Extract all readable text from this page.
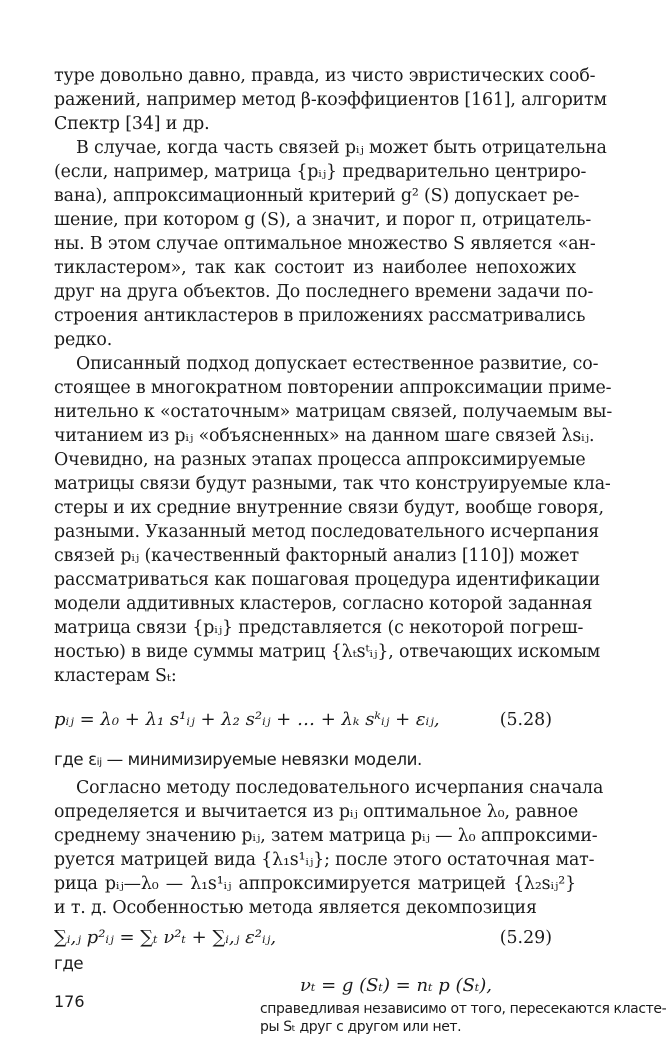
туре довольно давно, правда, из чисто эвристических сооб-
ражений, например метод β-коэффициентов [161], алгоритм
Спектр [34] и др.
В случае, когда часть связей pᵢⱼ может быть отрицательна
(если, например, матрица {pᵢⱼ} предварительно центриро-
вана), аппроксимационный критерий g² (S) допускает ре-
шение, при котором g (S), а значит, и порог π, отрицатель-
ны. В этом случае оптимальное множество S является «ан-
тикластером», так как состоит из наиболее непохожих
друг на друга объектов. До последнего времени задачи по-
строения антикластеров в приложениях рассматривались
редко.
Описанный подход допускает естественное развитие, со-
стоящее в многократном повторении аппроксимации приме-
нительно к «остаточным» матрицам связей, получаемым вы-
читанием из pᵢⱼ «объясненных» на данном шаге связей λsᵢⱼ.
Очевидно, на разных этапах процесса аппроксимируемые
матрицы связи будут разными, так что конструируемые кла-
стеры и их средние внутренние связи будут, вообще говоря,
разными. Указанный метод последовательного исчерпания
связей pᵢⱼ (качественный факторный анализ [110]) может
рассматриваться как пошаговая процедура идентификации
модели аддитивных кластеров, согласно которой заданная
матрица связи {pᵢⱼ} представляется (с некоторой погреш-
ностью) в виде суммы матриц {λₜsᵗᵢⱼ}, отвечающих искомым
кластерам Sₜ:
pᵢⱼ = λ₀ + λ₁ s¹ᵢⱼ + λ₂ s²ᵢⱼ + … + λₖ sᵏᵢⱼ + εᵢⱼ,	(5.28)
где εᵢⱼ — минимизируемые невязки модели.
Согласно методу последовательного исчерпания сначала
определяется и вычитается из pᵢⱼ оптимальное λ₀, равное
среднему значению pᵢⱼ, затем матрица pᵢⱼ — λ₀ аппроксими-
руется матрицей вида {λ₁s¹ᵢⱼ}; после этого остаточная мат-
рица pᵢⱼ—λ₀ — λ₁s¹ᵢⱼ аппроксимируется матрицей {λ₂sᵢⱼ²}
и т. д. Особенностью метода является декомпозиция
∑ᵢ,ⱼ p²ᵢⱼ = ∑ₜ ν²ₜ + ∑ᵢ,ⱼ ε²ᵢⱼ,	(5.29)
где
νₜ = g (Sₜ) = nₜ p (Sₜ),
справедливая независимо от того, пересекаются класте-
ры Sₜ друг с другом или нет.
176
